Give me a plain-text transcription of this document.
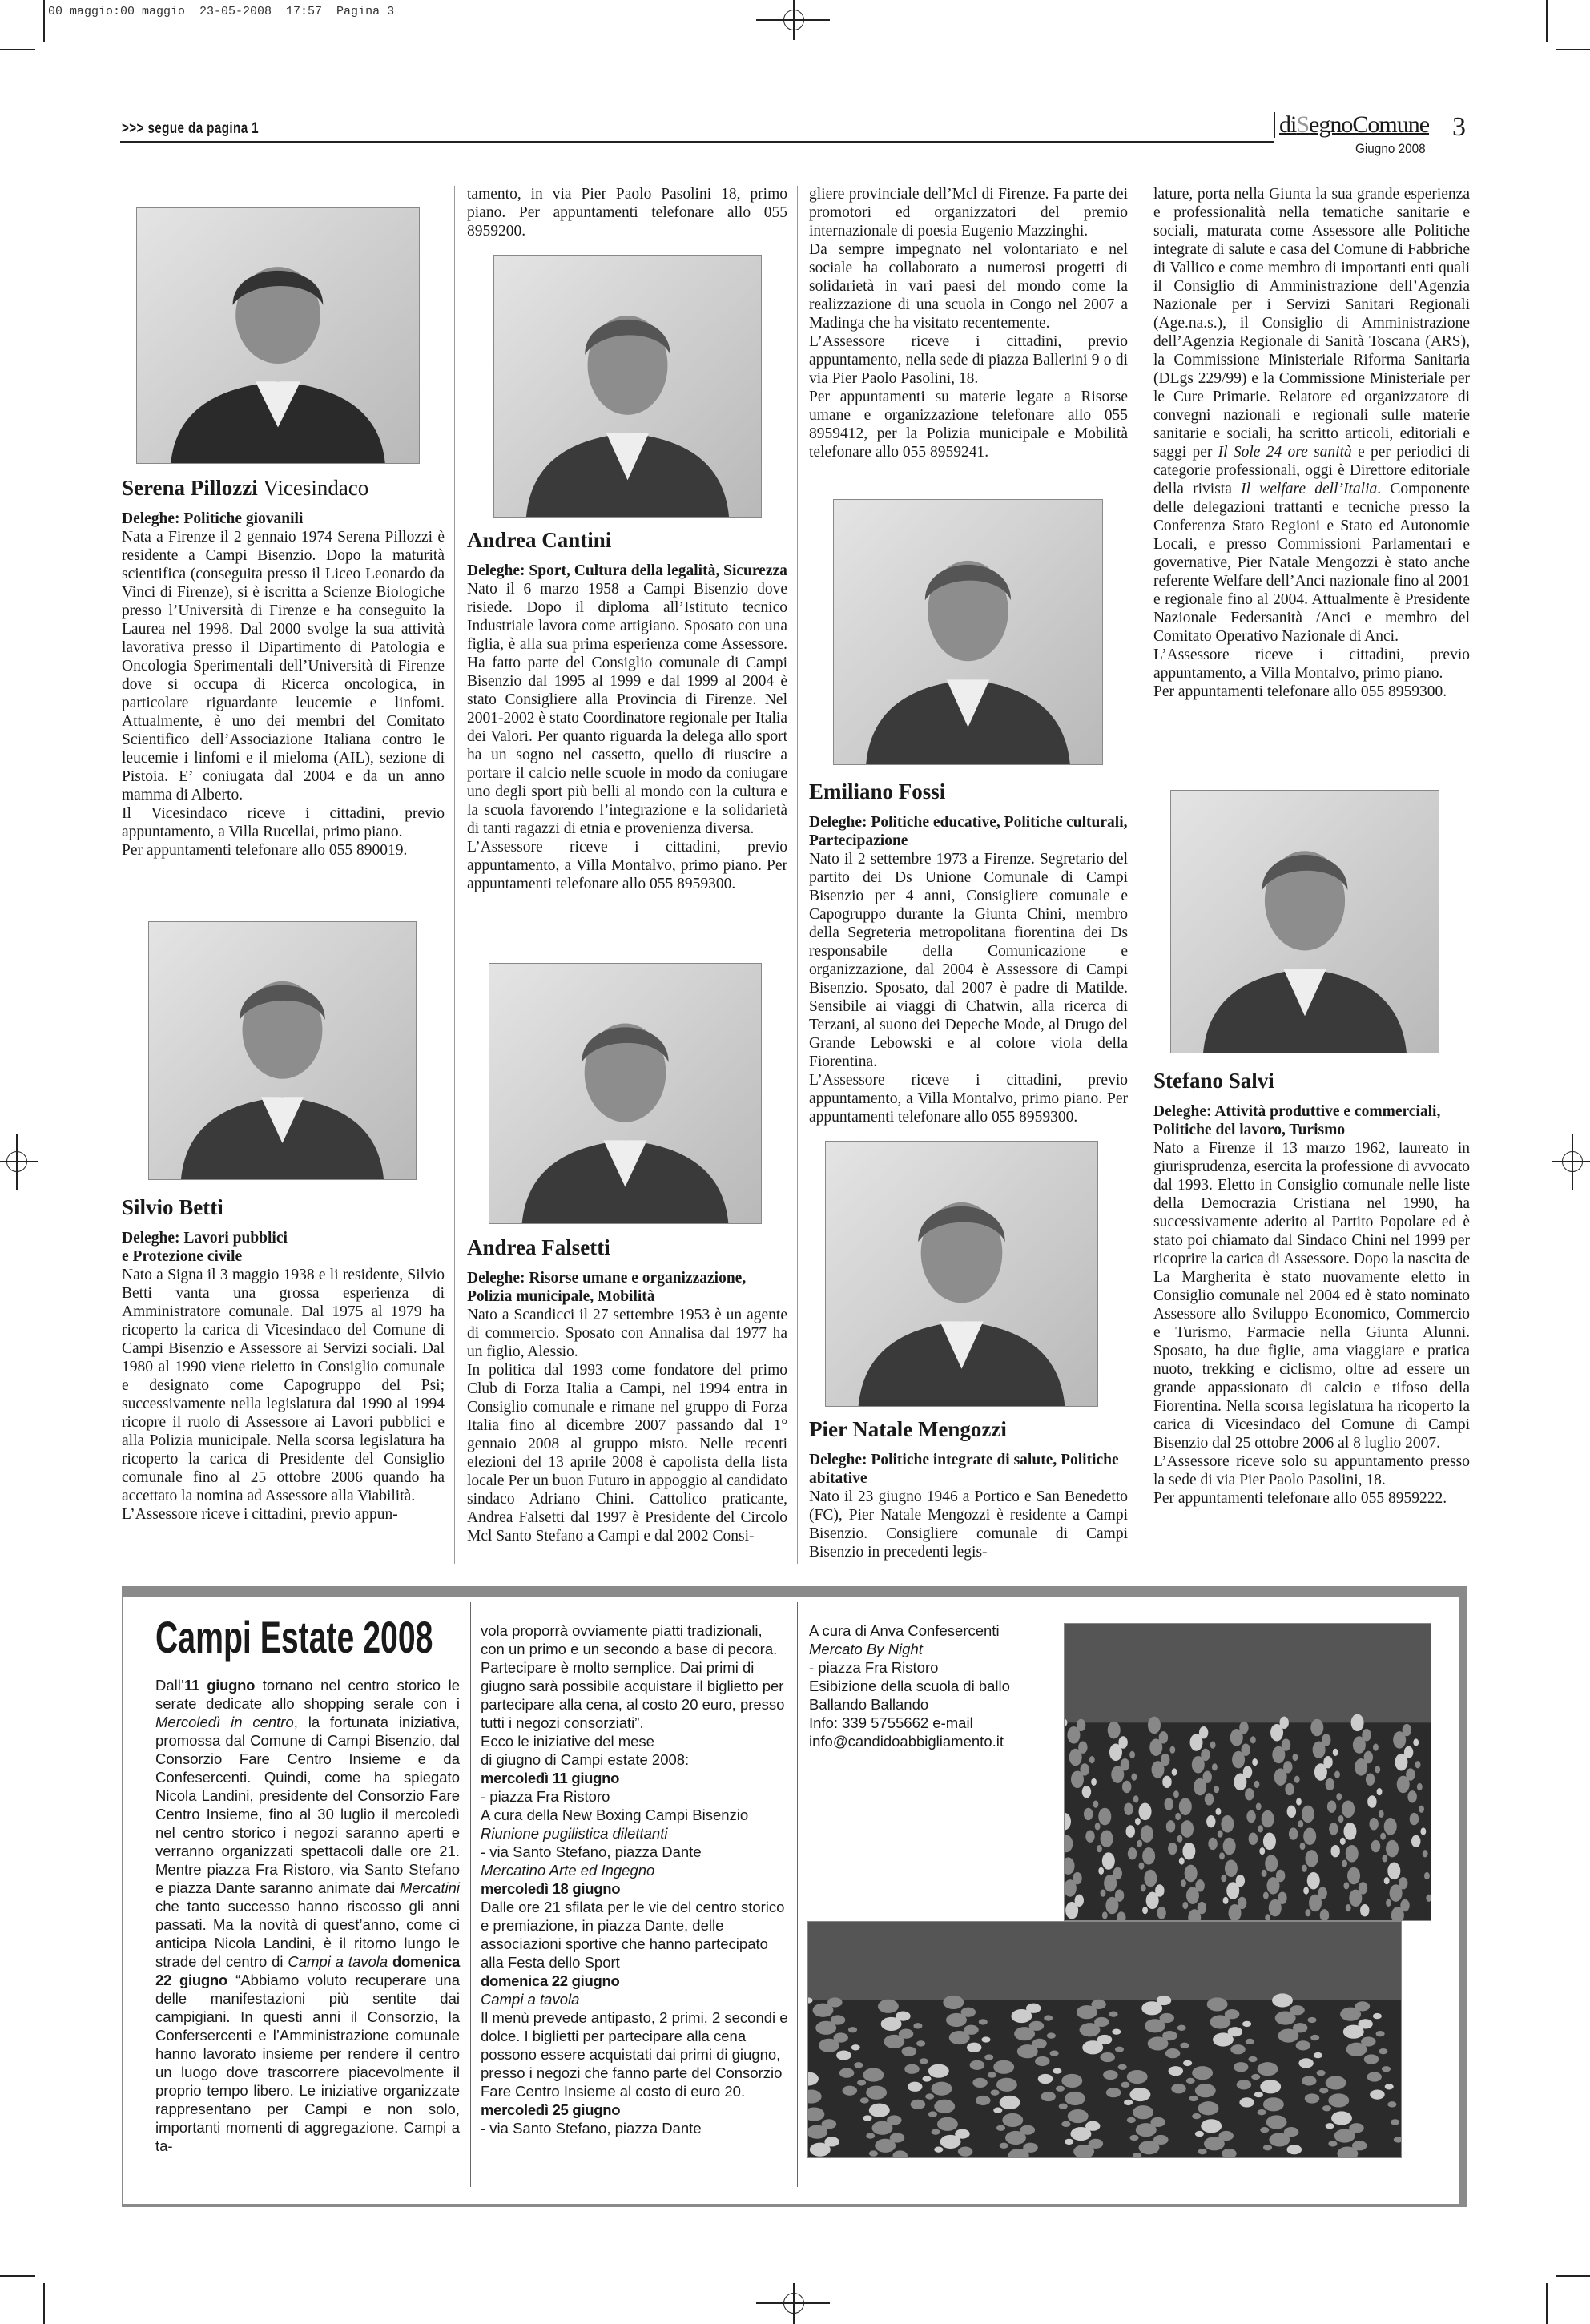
00 maggio:00 maggio  23-05-2008  17:57  Pagina 3
>>> segue da pagina 1	diSegnoComune
Giugno 2008
3

tamento, in via Pier Paolo Pasolini 18, primo piano. Per appuntamenti telefonare allo 055 8959200.

gliere provinciale dell’Mcl di Firenze. Fa parte dei promotori ed organizzatori del premio internazionale di poesia Eugenio Mazzinghi.

Da sempre impegnato nel volontariato e nel sociale ha collaborato a numerosi progetti di solidarietà in vari paesi del mondo come la realizzazione di una scuola in Congo nel 2007 a Madinga che ha visitato recentemente.

L’Assessore riceve i cittadini, previo appuntamento, nella sede di piazza Ballerini 9 o di via Pier Paolo Pasolini, 18.

Per appuntamenti su materie legate a Risorse umane e organizzazione telefonare allo 055 8959412, per la Polizia municipale e Mobilità telefonare allo 055 8959241.

lature, porta nella Giunta la sua grande esperienza e professionalità nella tematiche sanitarie e sociali, maturata come Assessore alle Politiche integrate di salute e casa del Comune di Fabbriche di Vallico e come membro di importanti enti quali il Consiglio di Amministrazione dell’Agenzia Nazionale per i Servizi Sanitari Regionali (Age.na.s.), il Consiglio di Amministrazione dell’Agenzia Regionale di Sanità Toscana (ARS), la Commissione Ministeriale Riforma Sanitaria (DLgs 229/99) e la Commissione Ministeriale per le Cure Primarie. Relatore ed organizzatore di convegni nazionali e regionali sulle materie sanitarie e sociali, ha scritto articoli, editoriali e saggi per Il Sole 24 ore sanità e per periodici di categorie professionali, oggi è Direttore editoriale della rivista Il welfare dell’Italia. Componente delle delegazioni trattanti e tecniche presso la Conferenza Stato Regioni e Stato ed Autonomie Locali, e presso Commissioni Parlamentari e governative, Pier Natale Mengozzi è stato anche referente Welfare dell’Anci nazionale fino al 2001 e regionale fino al 2004. Attualmente è Presidente Nazionale Federsanità /Anci e membro del Comitato Operativo Nazionale di Anci.

L’Assessore riceve i cittadini, previo appuntamento, a Villa Montalvo, primo piano.

Per appuntamenti telefonare allo 055 8959300.

Serena Pillozzi Vicesindaco
Deleghe: Politiche giovanili

Nata a Firenze il 2 gennaio 1974 Serena Pillozzi è residente a Campi Bisenzio. Dopo la maturità scientifica (conseguita presso il Liceo Leonardo da Vinci di Firenze), si è iscritta a Scienze Biologiche presso l’Università di Firenze e ha conseguito la Laurea nel 1998. Dal 2000 svolge la sua attività lavorativa presso il Dipartimento di Patologia e Oncologia Sperimentali dell’Università di Firenze dove si occupa di Ricerca oncologica, in particolare riguardante leucemie e linfomi. Attualmente, è uno dei membri del Comitato Scientifico dell’Associazione Italiana contro le leucemie i linfomi e il mieloma (AIL), sezione di Pistoia. E’ coniugata dal 2004 e da un anno mamma di Alberto.

Il Vicesindaco riceve i cittadini, previo appuntamento, a Villa Rucellai, primo piano.

Per appuntamenti telefonare allo 055 890019.

Silvio Betti
Deleghe: Lavori pubblici
e Protezione civile

Nato a Signa il 3 maggio 1938 e li residente, Silvio Betti vanta una grossa esperienza di Amministratore comunale. Dal 1975 al 1979 ha ricoperto la carica di Vicesindaco del Comune di Campi Bisenzio e Assessore ai Servizi sociali. Dal 1980 al 1990 viene rieletto in Consiglio comunale e designato come Capogruppo del Psi; successivamente nella legislatura dal 1990 al 1994 ricopre il ruolo di Assessore ai Lavori pubblici e alla Polizia municipale. Nella scorsa legislatura ha ricoperto la carica di Presidente del Consiglio comunale fino al 25 ottobre 2006 quando ha accettato la nomina ad Assessore alla Viabilità.

L’Assessore riceve i cittadini, previo appun-

Andrea Cantini
Deleghe: Sport, Cultura della legalità, Sicurezza

Nato il 6 marzo 1958 a Campi Bisenzio dove risiede. Dopo il diploma all’Istituto tecnico Industriale lavora come artigiano. Sposato con una figlia, è alla sua prima esperienza come Assessore. Ha fatto parte del Consiglio comunale di Campi Bisenzio dal 1995 al 1999 e dal 1999 al 2004 è stato Consigliere alla Provincia di Firenze. Nel 2001-2002 è stato Coordinatore regionale per Italia dei Valori. Per quanto riguarda la delega allo sport ha un sogno nel cassetto, quello di riuscire a portare il calcio nelle scuole in modo da coniugare uno degli sport più belli al mondo con la cultura e la scuola favorendo l’integrazione e la solidarietà di tanti ragazzi di etnia e provenienza diversa.

L’Assessore riceve i cittadini, previo appuntamento, a Villa Montalvo, primo piano. Per appuntamenti telefonare allo 055 8959300.

Andrea Falsetti
Deleghe: Risorse umane e organizzazione, Polizia municipale, Mobilità

Nato a Scandicci il 27 settembre 1953 è un agente di commercio. Sposato con Annalisa dal 1977 ha un figlio, Alessio.

In politica dal 1993 come fondatore del primo Club di Forza Italia a Campi, nel 1994 entra in Consiglio comunale e rimane nel gruppo di Forza Italia fino al dicembre 2007 passando dal 1° gennaio 2008 al gruppo misto. Nelle recenti elezioni del 13 aprile 2008 è capolista della lista locale Per un buon Futuro in appoggio al candidato sindaco Adriano Chini. Cattolico praticante, Andrea Falsetti dal 1997 è Presidente del Circolo Mcl Santo Stefano a Campi e dal 2002 Consi-

Emiliano Fossi
Deleghe: Politiche educative, Politiche culturali, Partecipazione

Nato il 2 settembre 1973 a Firenze. Segretario del partito dei Ds Unione Comunale di Campi Bisenzio per 4 anni, Consigliere comunale e Capogruppo durante la Giunta Chini, membro della Segreteria metropolitana fiorentina dei Ds responsabile della Comunicazione e organizzazione, dal 2004 è Assessore di Campi Bisenzio. Sposato, dal 2007 è padre di Matilde. Sensibile ai viaggi di Chatwin, alla ricerca di Terzani, al suono dei Depeche Mode, al Drugo del Grande Lebowski e al colore viola della Fiorentina.

L’Assessore riceve i cittadini, previo appuntamento, a Villa Montalvo, primo piano. Per appuntamenti telefonare allo 055 8959300.

Pier Natale Mengozzi
Deleghe: Politiche integrate di salute, Politiche abitative

Nato il 23 giugno 1946 a Portico e San Benedetto (FC), Pier Natale Mengozzi è residente a Campi Bisenzio. Consigliere comunale di Campi Bisenzio in precedenti legis-

Stefano Salvi
Deleghe: Attività produttive e commerciali, Politiche del lavoro, Turismo

Nato a Firenze il 13 marzo 1962, laureato in giurisprudenza, esercita la professione di avvocato dal 1993. Eletto in Consiglio comunale nelle liste della Democrazia Cristiana nel 1990, ha successivamente aderito al Partito Popolare ed è stato poi chiamato dal Sindaco Chini nel 1999 per ricoprire la carica di Assessore. Dopo la nascita de La Margherita è stato nuovamente eletto in Consiglio comunale nel 2004 ed è stato nominato Assessore allo Sviluppo Economico, Commercio e Turismo, Farmacie nella Giunta Alunni. Sposato, ha due figlie, ama viaggiare e pratica nuoto, trekking e ciclismo, oltre ad essere un grande appassionato di calcio e tifoso della Fiorentina. Nella scorsa legislatura ha ricoperto la carica di Vicesindaco del Comune di Campi Bisenzio dal 25 ottobre 2006 al 8 luglio 2007.

L’Assessore riceve solo su appuntamento presso la sede di via Pier Paolo Pasolini, 18.

Per appuntamenti telefonare allo 055 8959222.

Campi Estate 2008

Dall’11 giugno tornano nel centro storico le serate dedicate allo shopping serale con i Mercoledì in centro, la fortunata iniziativa, promossa dal Comune di Campi Bisenzio, dal Consorzio Fare Centro Insieme e da Confesercenti. Quindi, come ha spiegato Nicola Landini, presidente del Consorzio Fare Centro Insieme, fino al 30 luglio il mercoledì nel centro storico i negozi saranno aperti e verranno organizzati spettacoli dalle ore 21. Mentre piazza Fra Ristoro, via Santo Stefano e piazza Dante saranno animate dai Mercatini che tanto successo hanno riscosso gli anni passati. Ma la novità di quest’anno, come ci anticipa Nicola Landini, è il ritorno lungo le strade del centro di Campi a tavola domenica 22 giugno “Abbiamo voluto recuperare una delle manifestazioni più sentite dai campigiani. In questi anni il Consorzio, la Confersercenti e l’Amministrazione comunale hanno lavorato insieme per rendere il centro un luogo dove trascorrere piacevolmente il proprio tempo libero. Le iniziative organizzate rappresentano per Campi e non solo, importanti momenti di aggregazione. Campi a ta-

vola proporrà ovviamente piatti tradizionali, con un primo e un secondo a base di pecora. Partecipare è molto semplice. Dai primi di giugno sarà possibile acquistare il biglietto per partecipare alla cena, al costo 20 euro, presso tutti i negozi consorziati”.

Ecco le iniziative del mese

di giugno di Campi estate 2008:

mercoledì 11 giugno

- piazza Fra Ristoro

A cura della New Boxing Campi Bisenzio

Riunione pugilistica dilettanti

- via Santo Stefano, piazza Dante

Mercatino Arte ed Ingegno

mercoledì 18 giugno

Dalle ore 21 sfilata per le vie del centro storico e premiazione, in piazza Dante, delle associazioni sportive che hanno partecipato alla Festa dello Sport

domenica 22 giugno

Campi a tavola

Il menù prevede antipasto, 2 primi, 2 secondi e dolce. I biglietti per partecipare alla cena possono essere acquistati dai primi di giugno, presso i negozi che fanno parte del Consorzio Fare Centro Insieme al costo di euro 20.

mercoledì 25 giugno

- via Santo Stefano, piazza Dante

A cura di Anva Confesercenti

Mercato By Night

- piazza Fra Ristoro

Esibizione della scuola di ballo

Ballando Ballando

Info: 339 5755662 e-mail

info@candidoabbigliamento.it
